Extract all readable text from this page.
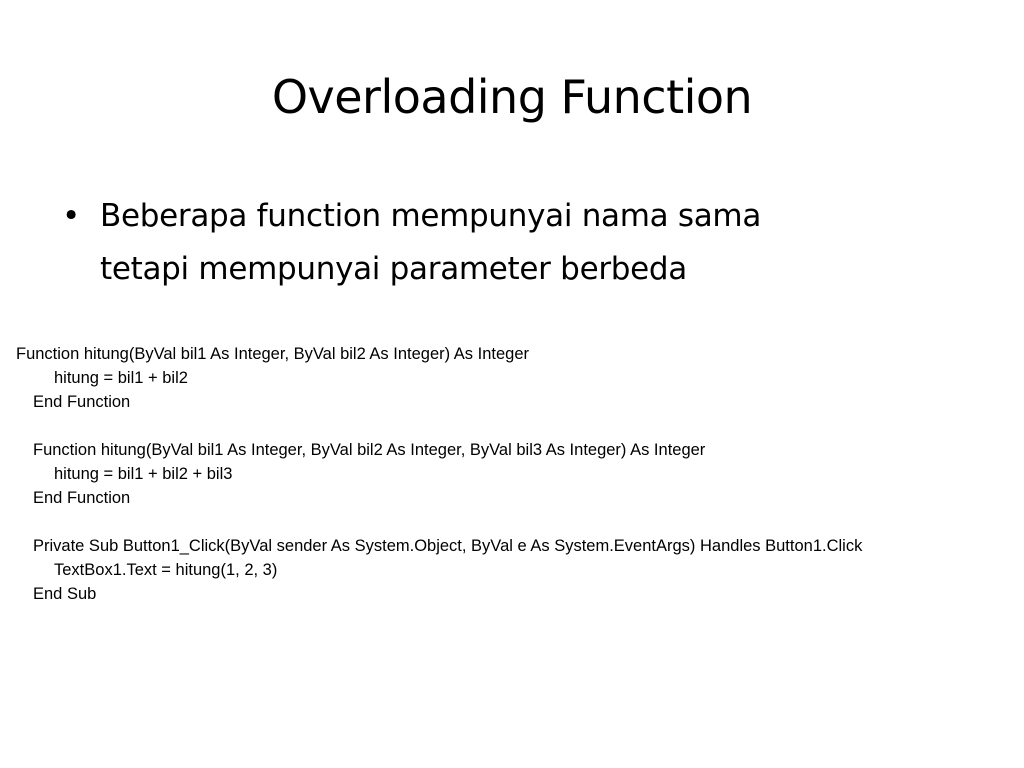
Overloading Function
• Beberapa function mempunyai nama sama
tetapi mempunyai parameter berbeda
Function hitung(ByVal bil1 As Integer, ByVal bil2 As Integer) As Integer
hitung = bil1 + bil2
End Function
Function hitung(ByVal bil1 As Integer, ByVal bil2 As Integer, ByVal bil3 As Integer) As Integer
hitung = bil1 + bil2 + bil3
End Function
Private Sub Button1_Click(ByVal sender As System.Object, ByVal e As System.EventArgs) Handles Button1.Click
TextBox1.Text = hitung(1, 2, 3)
End Sub
